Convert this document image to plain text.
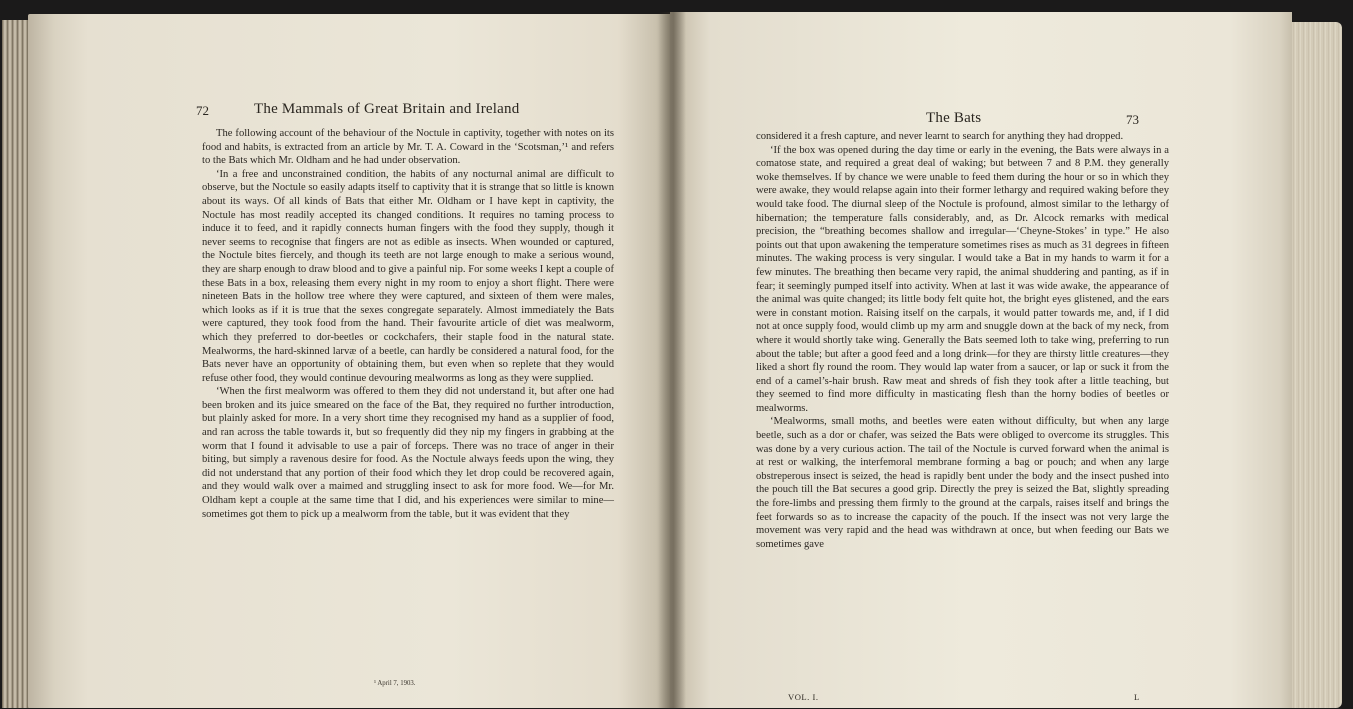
72	The Mammals of Great Britain and Ireland

The following account of the behaviour of the Noctule in captivity, together with notes on its food and habits, is extracted from an article by Mr. T. A. Coward in the ‘Scotsman,’¹ and refers to the Bats which Mr. Oldham and he had under observation.

‘In a free and unconstrained condition, the habits of any nocturnal animal are difficult to observe, but the Noctule so easily adapts itself to captivity that it is strange that so little is known about its ways. Of all kinds of Bats that either Mr. Oldham or I have kept in captivity, the Noctule has most readily accepted its changed conditions. It requires no taming process to induce it to feed, and it rapidly connects human fingers with the food they supply, though it never seems to recognise that fingers are not as edible as insects. When wounded or captured, the Noctule bites fiercely, and though its teeth are not large enough to make a serious wound, they are sharp enough to draw blood and to give a painful nip. For some weeks I kept a couple of these Bats in a box, releasing them every night in my room to enjoy a short flight. There were nineteen Bats in the hollow tree where they were captured, and sixteen of them were males, which looks as if it is true that the sexes congregate separately. Almost immediately the Bats were captured, they took food from the hand. Their favourite article of diet was mealworm, which they preferred to dor-beetles or cockchafers, their staple food in the natural state. Mealworms, the hard-skinned larvæ of a beetle, can hardly be considered a natural food, for the Bats never have an opportunity of obtaining them, but even when so replete that they would refuse other food, they would continue devouring mealworms as long as they were supplied.

‘When the first mealworm was offered to them they did not understand it, but after one had been broken and its juice smeared on the face of the Bat, they required no further introduction, but plainly asked for more. In a very short time they recognised my hand as a supplier of food, and ran across the table towards it, but so frequently did they nip my fingers in grabbing at the worm that I found it advisable to use a pair of forceps. There was no trace of anger in their biting, but simply a ravenous desire for food. As the Noctule always feeds upon the wing, they did not understand that any portion of their food which they let drop could be recovered again, and they would walk over a maimed and struggling insect to ask for more food. We—for Mr. Oldham kept a couple at the same time that I did, and his experiences were similar to mine—sometimes got them to pick up a mealworm from the table, but it was evident that they

¹ April 7, 1903.
The Bats	73

considered it a fresh capture, and never learnt to search for anything they had dropped.

‘If the box was opened during the day time or early in the evening, the Bats were always in a comatose state, and required a great deal of waking; but between 7 and 8 P.M. they generally woke themselves. If by chance we were unable to feed them during the hour or so in which they were awake, they would relapse again into their former lethargy and required waking before they would take food. The diurnal sleep of the Noctule is profound, almost similar to the lethargy of hibernation; the temperature falls considerably, and, as Dr. Alcock remarks with medical precision, the “breathing becomes shallow and irregular—‘Cheyne-Stokes’ in type.” He also points out that upon awakening the temperature sometimes rises as much as 31 degrees in fifteen minutes. The waking process is very singular. I would take a Bat in my hands to warm it for a few minutes. The breathing then became very rapid, the animal shuddering and panting, as if in fear; it seemingly pumped itself into activity. When at last it was wide awake, the appearance of the animal was quite changed; its little body felt quite hot, the bright eyes glistened, and the ears were in constant motion. Raising itself on the carpals, it would patter towards me, and, if I did not at once supply food, would climb up my arm and snuggle down at the back of my neck, from where it would shortly take wing. Generally the Bats seemed loth to take wing, preferring to run about the table; but after a good feed and a long drink—for they are thirsty little creatures—they liked a short fly round the room. They would lap water from a saucer, or lap or suck it from the end of a camel’s-hair brush. Raw meat and shreds of fish they took after a little teaching, but they seemed to find more difficulty in masticating flesh than the horny bodies of beetles or mealworms.

‘Mealworms, small moths, and beetles were eaten without difficulty, but when any large beetle, such as a dor or chafer, was seized the Bats were obliged to overcome its struggles. This was done by a very curious action. The tail of the Noctule is curved forward when the animal is at rest or walking, the interfemoral membrane forming a bag or pouch; and when any large obstreperous insect is seized, the head is rapidly bent under the body and the insect pushed into the pouch till the Bat secures a good grip. Directly the prey is seized the Bat, slightly spreading the fore-limbs and pressing them firmly to the ground at the carpals, raises itself and brings the feet forwards so as to increase the capacity of the pouch. If the insect was not very large the movement was very rapid and the head was withdrawn at once, but when feeding our Bats we sometimes gave

VOL. I.	L
